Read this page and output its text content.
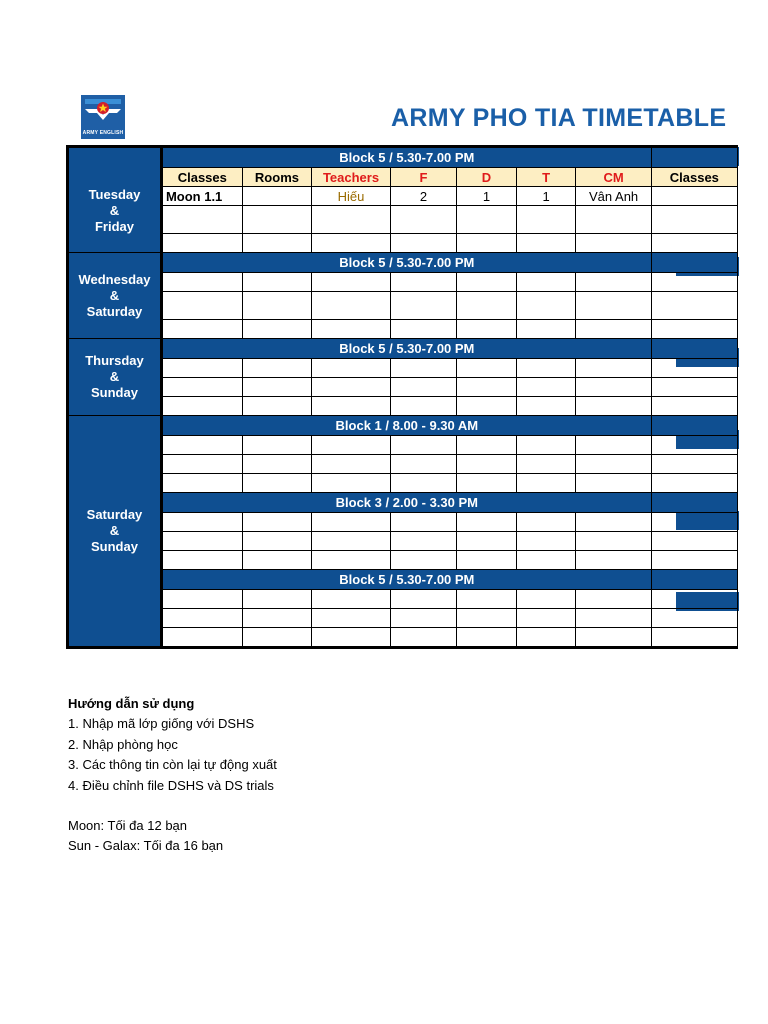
ARMY ENGLISH
ARMY PHO TIA TIMETABLE
Tuesday
&
Friday	Block 5 / 5.30-7.00 PM							
	Classes	Rooms	Teachers	F	D	T	CM	Classes
	Moon 1.1		Hiếu	2	1	1	Vân Anh	

Wednesday
&
Saturday	Block 5 / 5.30-7.00 PM							

Thursday
&
Sunday	Block 5 / 5.30-7.00 PM							

Saturday
&
Sunday	Block 1 / 8.00 - 9.30 AM							

	Block 3 / 2.00 - 3.30 PM							

	Block 5 / 5.30-7.00 PM							

Hướng dẫn sử dụng
1. Nhập mã lớp giống với DSHS
2. Nhập phòng học
3. Các thông tin còn lại tự động xuất
4. Điều chỉnh file DSHS và DS trials
Moon: Tối đa 12 bạn
Sun - Galax: Tối đa 16 bạn
